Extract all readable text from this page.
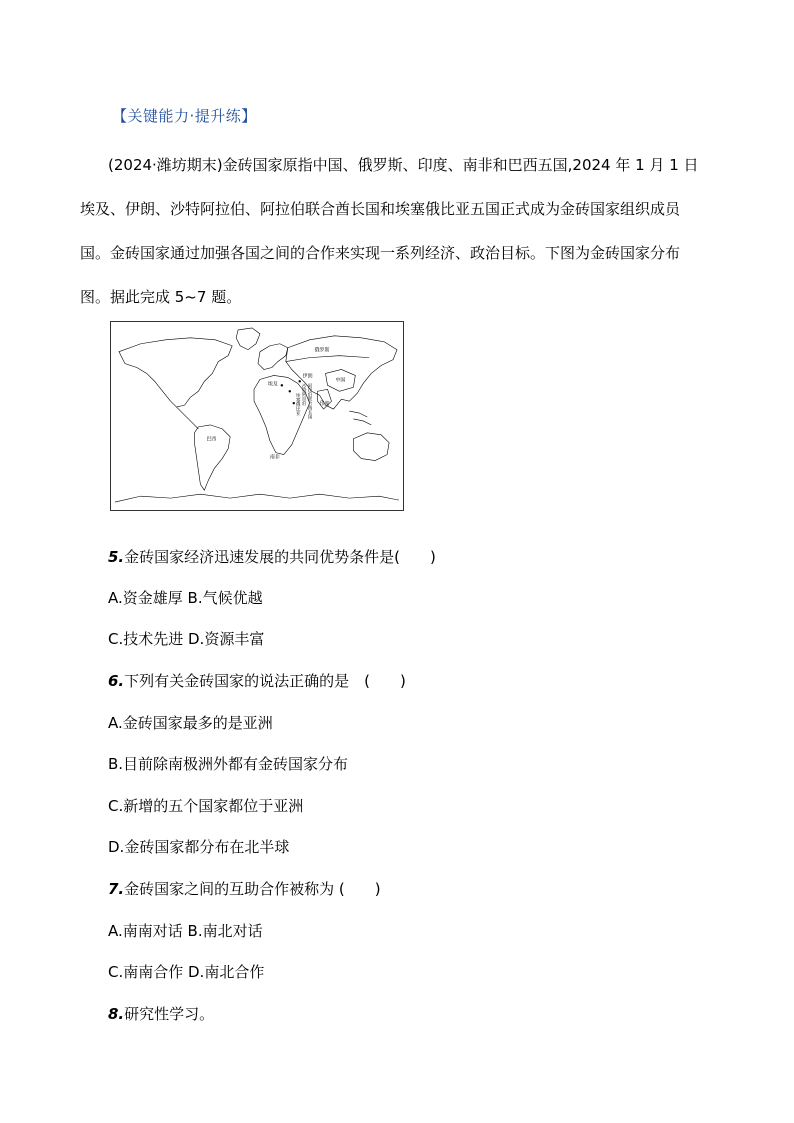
【关键能力·提升练】
(2024·潍坊期末)金砖国家原指中国、俄罗斯、印度、南非和巴西五国,2024 年 1 月 1 日
埃及、伊朗、沙特阿拉伯、阿拉伯联合酋长国和埃塞俄比亚五国正式成为金砖国家组织成员
国。金砖国家通过加强各国之间的合作来实现一系列经济、政治目标。下图为金砖国家分布
图。据此完成 5~7 题。
俄罗斯
中国
印度
伊朗
埃及
巴西
南非
埃塞俄比亚 沙特阿拉伯 阿拉伯联合酋长国
5.金砖国家经济迅速发展的共同优势条件是(　　)
A.资金雄厚 B.气候优越
C.技术先进 D.资源丰富
6.下列有关金砖国家的说法正确的是　(　　)
A.金砖国家最多的是亚洲
B.目前除南极洲外都有金砖国家分布
C.新增的五个国家都位于亚洲
D.金砖国家都分布在北半球
7.金砖国家之间的互助合作被称为 (　　)
A.南南对话 B.南北对话
C.南南合作 D.南北合作
8.研究性学习。
